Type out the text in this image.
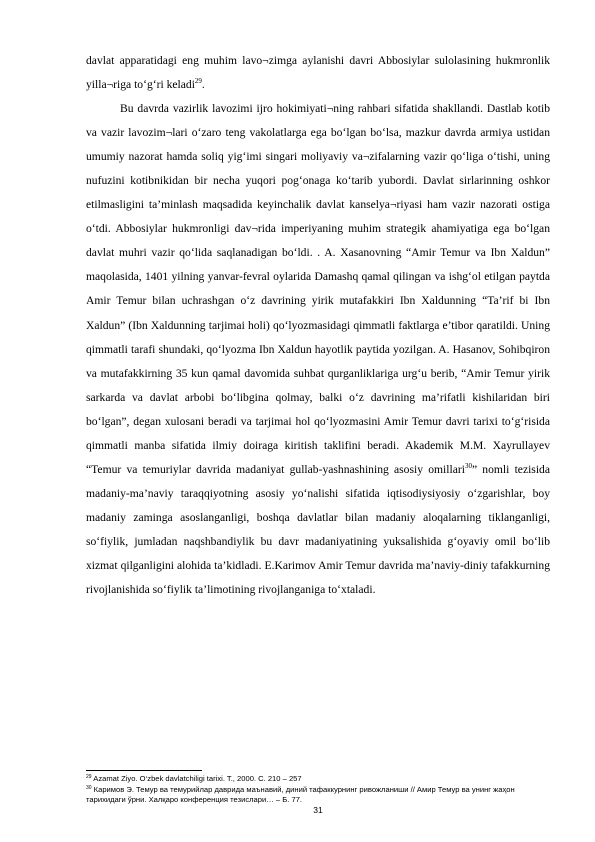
davlat apparatidagi eng muhim lavo¬zimga aylanishi davri Abbosiylar sulolasining hukmronlik yilla¬riga to‘g‘ri keladi$^{29}$.

Bu davrda vazirlik lavozimi ijro hokimiyati¬ning rahbari sifatida shakllandi. Dastlab kotib va vazir lavozim¬lari o‘zaro teng vakolatlarga ega bo‘lgan bo‘lsa, mazkur davrda armiya ustidan umumiy nazorat hamda soliq yig‘imi singari moliyaviy va¬zifalarning vazir qo‘liga o‘tishi, uning nufuzini kotibnikidan bir necha yuqori pog‘onaga ko‘tarib yubordi. Davlat sirlarinning oshkor etilmasligini ta’minlash maqsadida keyinchalik davlat kanselya¬riyasi ham vazir nazorati ostiga o‘tdi. Abbosiylar hukmronligi dav¬rida imperiyaning muhim strategik ahamiyatiga ega bo‘lgan davlat muhri vazir qo‘lida saqlanadigan bo‘ldi. . A. Xasanovning “Amir Temur va Ibn Xaldun” maqolasida, 1401 yilning yanvar-fevral oylarida Damashq qamal qilingan va ishg‘ol etilgan paytda Amir Temur bilan uchrashgan o‘z davrining yirik mutafakkiri Ibn Xaldunning “Ta’rif bi Ibn Xaldun” (Ibn Xaldunning tarjimai holi) qo‘lyozmasidagi qimmatli faktlarga e’tibor qaratildi. Uning qimmatli tarafi shundaki, qo‘lyozma Ibn Xaldun hayotlik paytida yozilgan. A. Hasanov, Sohibqiron va mutafakkirning 35 kun qamal davomida suhbat qurganliklariga urg‘u berib, “Amir Temur yirik sarkarda va davlat arbobi bo‘libgina qolmay, balki o‘z davrining ma’rifatli kishilaridan biri bo‘lgan”, degan xulosani beradi va tarjimai hol qo‘lyozmasini Amir Temur davri tarixi to‘g‘risida qimmatli manba sifatida ilmiy doiraga kiritish taklifini beradi. Akademik M.M. Xayrullayev “Temur va temuriylar davrida madaniyat gullab-yashnashining asosiy omillari$^{30}$” nomli tezisida madaniy-ma’naviy taraqqiyotning asosiy yo‘nalishi sifatida iqtisodiysiyosiy o‘zgarishlar, boy madaniy zaminga asoslanganligi, boshqa davlatlar bilan madaniy aloqalarning tiklanganligi, so‘fiylik, jumladan naqshbandiylik bu davr madaniyatining yuksalishida g‘oyaviy omil bo‘lib xizmat qilganligini alohida ta’kidladi. E.Karimov Amir Temur davrida ma’naviy-diniy tafakkurning rivojlanishida so‘fiylik ta’limotining rivojlanganiga to‘xtaladi.

$^{29}$ Azamat Ziyo. O‘zbek davlatchiligi tarixi. T., 2000. C. 210 – 257

$^{30}$ Каримов Э. Темур ва темурийлар даврида маънавий, диний тафаккурнинг ривожланиши // Амир Темур ва унинг жаҳон тарихидаги ўрни. Халқаро конференция тезислари… – Б. 77.

31
